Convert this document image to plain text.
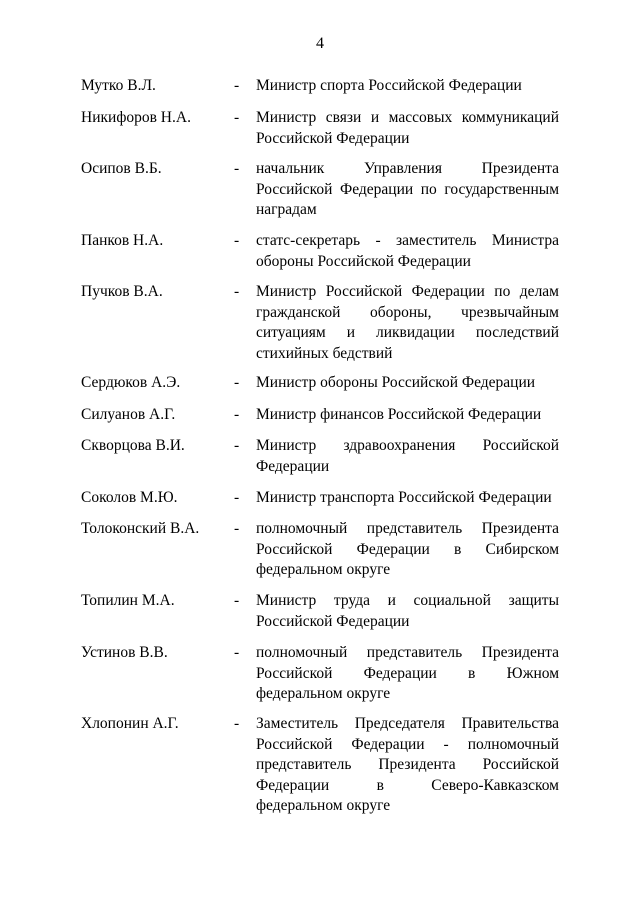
4
Мутко В.Л.	- Министр спорта Российской Федерации
Никифоров Н.А.	- Министр связи и массовых коммуникаций Российской Федерации
Осипов В.Б.	- начальник Управления Президента Российской Федерации по государственным наградам
Панков Н.А.	- статс-секретарь - заместитель Министра обороны Российской Федерации
Пучков В.А.	- Министр Российской Федерации по делам гражданской обороны, чрезвычайным ситуациям и ликвидации последствий стихийных бедствий
Сердюков А.Э.	- Министр обороны Российской Федерации
Силуанов А.Г.	- Министр финансов Российской Федерации
Скворцова В.И.	- Министр здравоохранения Российской Федерации
Соколов М.Ю.	- Министр транспорта Российской Федерации
Толоконский В.А. - полномочный представитель Президента Российской Федерации в Сибирском федеральном округе
Топилин М.А.	- Министр труда и социальной защиты Российской Федерации
Устинов В.В.	- полномочный представитель Президента Российской Федерации в Южном федеральном округе
Хлопонин А.Г.	- Заместитель Председателя Правительства Российской Федерации - полномочный представитель Президента Российской Федерации в Северо-Кавказском федеральном округе
